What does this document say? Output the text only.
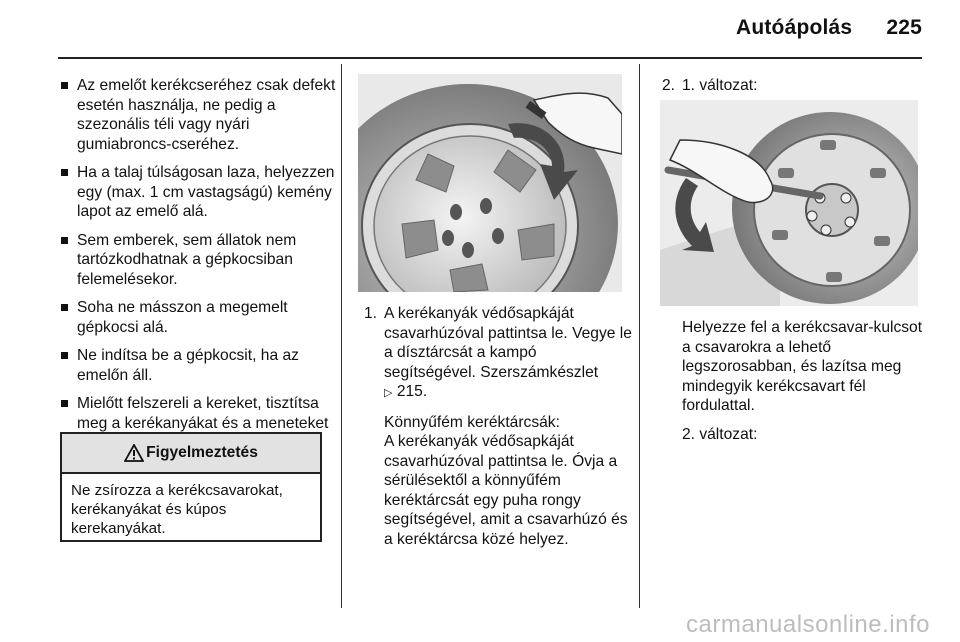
Autóápolás 225
Az emelőt kerékcseréhez csak defekt esetén használja, ne pedig a szezonális téli vagy nyári gumiabroncs-cseréhez.
Ha a talaj túlságosan laza, helyezzen egy (max. 1 cm vastagságú) kemény lapot az emelő alá.
Sem emberek, sem állatok nem tartózkodhatnak a gépkocsiban felemelésekor.
Soha ne másszon a megemelt gépkocsi alá.
Ne indítsa be a gépkocsit, ha az emelőn áll.
Mielőtt felszereli a kereket, tisztítsa meg a kerékanyákat és a meneteket
Figyelmeztetés
Ne zsírozza a kerékcsavarokat, kerékanyákat és kúpos kerekanyákat.
1. A kerékanyák védősapkáját csavarhúzóval pattintsa le. Vegye le a dísztárcsát a kampó segítségével. Szerszámkészlet
▷ 215.
Könnyűfém keréktárcsák:
A kerékanyák védősapkáját csavarhúzóval pattintsa le. Óvja a sérülésektől a könnyűfém keréktárcsát egy puha rongy segítségével, amit a csavarhúzó és a keréktárcsa közé helyez.
2. 1. változat:
Helyezze fel a kerékcsavar-kulcsot a csavarokra a lehető legszorosabban, és lazítsa meg mindegyik kerékcsavart fél fordulattal.
2. változat:
carmanualsonline.info
